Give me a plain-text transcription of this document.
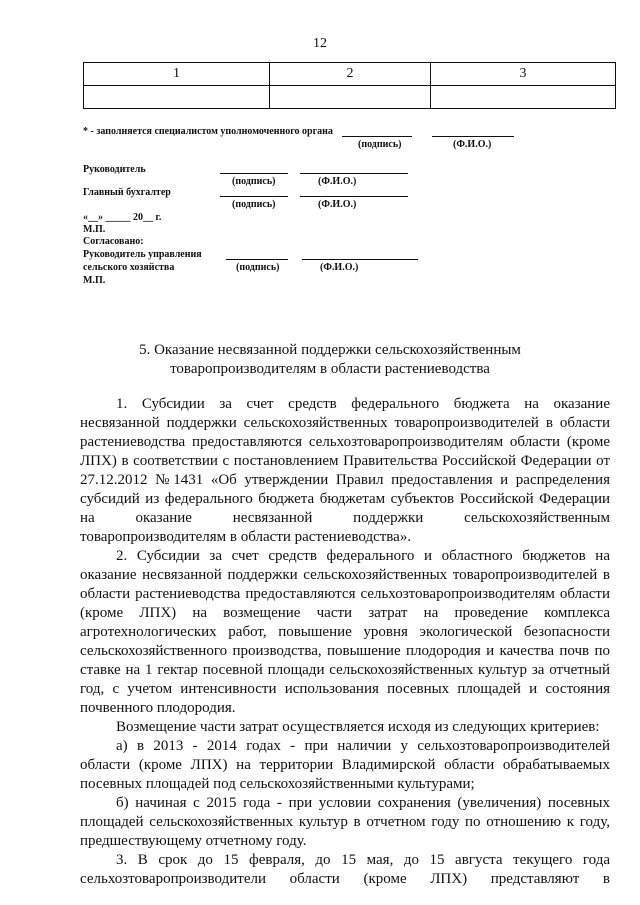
12
1	2	3

* - заполняется специалистом уполномоченного органа
(подпись)	(Ф.И.О.)
Руководитель
(подпись)	(Ф.И.О.)
Главный бухгалтер
(подпись)	(Ф.И.О.)
«__» _____ 20__ г.
М.П.
Согласовано:
Руководитель управления
сельского хозяйства	(подпись)	(Ф.И.О.)
М.П.
5. Оказание несвязанной поддержки сельскохозяйственным
товаропроизводителям в области растениеводства

1. Субсидии за счет средств федерального бюджета на оказание

несвязанной поддержки сельскохозяйственных товаропроизводителей в области

растениеводства предоставляются сельхозтоваропроизводителям области (кроме

ЛПХ) в соответствии с постановлением Правительства Российской Федерации от

27.12.2012 №1431 «Об утверждении Правил предоставления и распределения

субсидий из федерального бюджета бюджетам субъектов Российской Федерации

на оказание несвязанной поддержки сельскохозяйственным

товаропроизводителям в области растениеводства».

2. Субсидии за счет средств федерального и областного бюджетов на

оказание несвязанной поддержки сельскохозяйственных товаропроизводителей в

области растениеводства предоставляются сельхозтоваропроизводителям области

(кроме ЛПХ) на возмещение части затрат на проведение комплекса

агротехнологических работ, повышение уровня экологической безопасности

сельскохозяйственного производства, повышение плодородия и качества почв по

ставке на 1 гектар посевной площади сельскохозяйственных культур за отчетный

год, с учетом интенсивности использования посевных площадей и состояния

почвенного плодородия.

Возмещение части затрат осуществляется исходя из следующих критериев:

а) в 2013 - 2014 годах - при наличии у сельхозтоваропроизводителей

области (кроме ЛПХ) на территории Владимирской области обрабатываемых

посевных площадей под сельскохозяйственными культурами;

б) начиная с 2015 года - при условии сохранения (увеличения) посевных

площадей сельскохозяйственных культур в отчетном году по отношению к году,

предшествующему отчетному году.

3. В срок до 15 февраля, до 15 мая, до 15 августа текущего года

сельхозтоваропроизводители области (кроме ЛПХ) представляют в
